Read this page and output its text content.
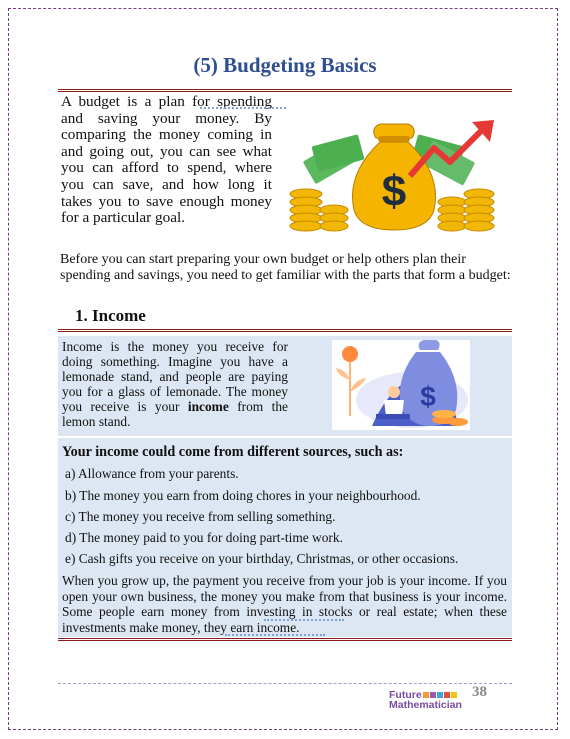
(5) Budgeting Basics
A budget is a plan for spending and saving your money. By comparing the money coming in and going out, you can see what you can afford to spend, where you can save, and how long it takes you to save enough money for a particular goal.
$
Before you can start preparing your own budget or help others plan their spending and savings, you need to get familiar with the parts that form a budget:
1. Income
Income is the money you receive for doing something. Imagine you have a lemonade stand, and people are paying you for a glass of lemonade. The money you receive is your income from the lemon stand.
$
Your income could come from different sources, such as:
a) Allowance from your parents.
b) The money you earn from doing chores in your neighbourhood.
c) The money you receive from selling something.
d) The money paid to you for doing part-time work.
e) Cash gifts you receive on your birthday, Christmas, or other occasions.
When you grow up, the payment you receive from your job is your income. If you open your own business, the money you make from that business is your income. Some people earn money from investing in stocks or real estate; when these investments make money, they earn income.
Future
Mathematician
38
